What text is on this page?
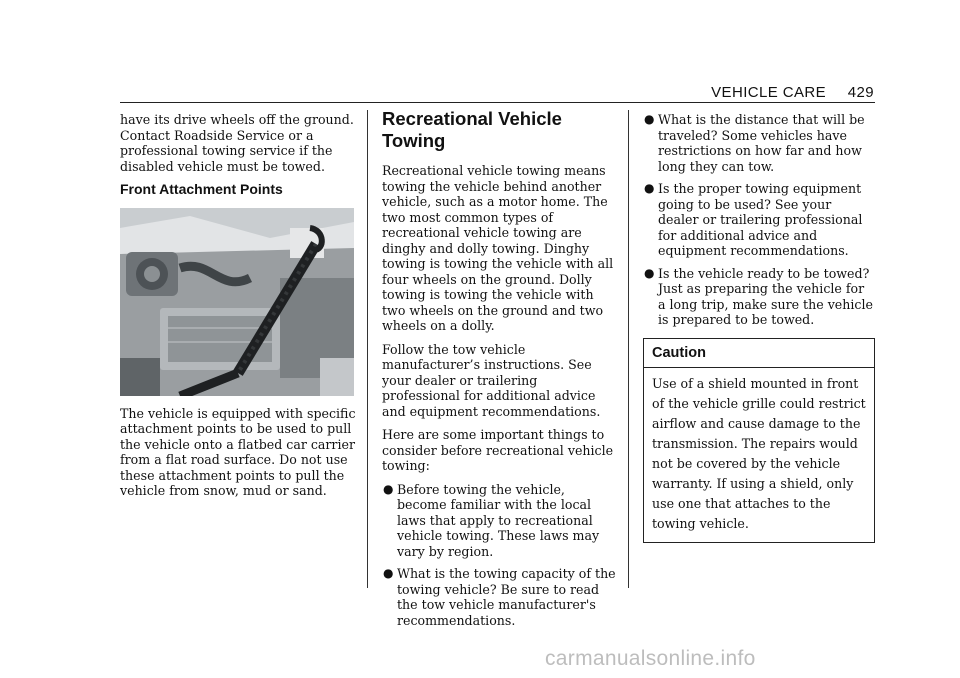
VEHICLE CARE 429

have its drive wheels off the ground. Contact Roadside Service or a professional towing service if the disabled vehicle must be towed.

Front Attachment Points

The vehicle is equipped with specific attachment points to be used to pull the vehicle onto a flatbed car carrier from a flat road surface. Do not use these attachment points to pull the vehicle from snow, mud or sand.

Recreational Vehicle
Towing

Recreational vehicle towing means towing the vehicle behind another vehicle, such as a motor home. The two most common types of recreational vehicle towing are dinghy and dolly towing. Dinghy towing is towing the vehicle with all four wheels on the ground. Dolly towing is towing the vehicle with two wheels on the ground and two wheels on a dolly.

Follow the tow vehicle manufacturer’s instructions. See your dealer or trailering professional for additional advice and equipment recommendations.

Here are some important things to consider before recreational vehicle towing:

● Before towing the vehicle, become familiar with the local laws that apply to recreational vehicle towing. These laws may vary by region.
● What is the towing capacity of the towing vehicle? Be sure to read the tow vehicle manufacturer's recommendations.
● What is the distance that will be traveled? Some vehicles have restrictions on how far and how long they can tow.
● Is the proper towing equipment going to be used? See your dealer or trailering professional for additional advice and equipment recommendations.
● Is the vehicle ready to be towed? Just as preparing the vehicle for a long trip, make sure the vehicle is prepared to be towed.
Caution
Use of a shield mounted in front of the vehicle grille could restrict airflow and cause damage to the transmission. The repairs would not be covered by the vehicle warranty. If using a shield, only use one that attaches to the towing vehicle.
carmanualsonline.info
